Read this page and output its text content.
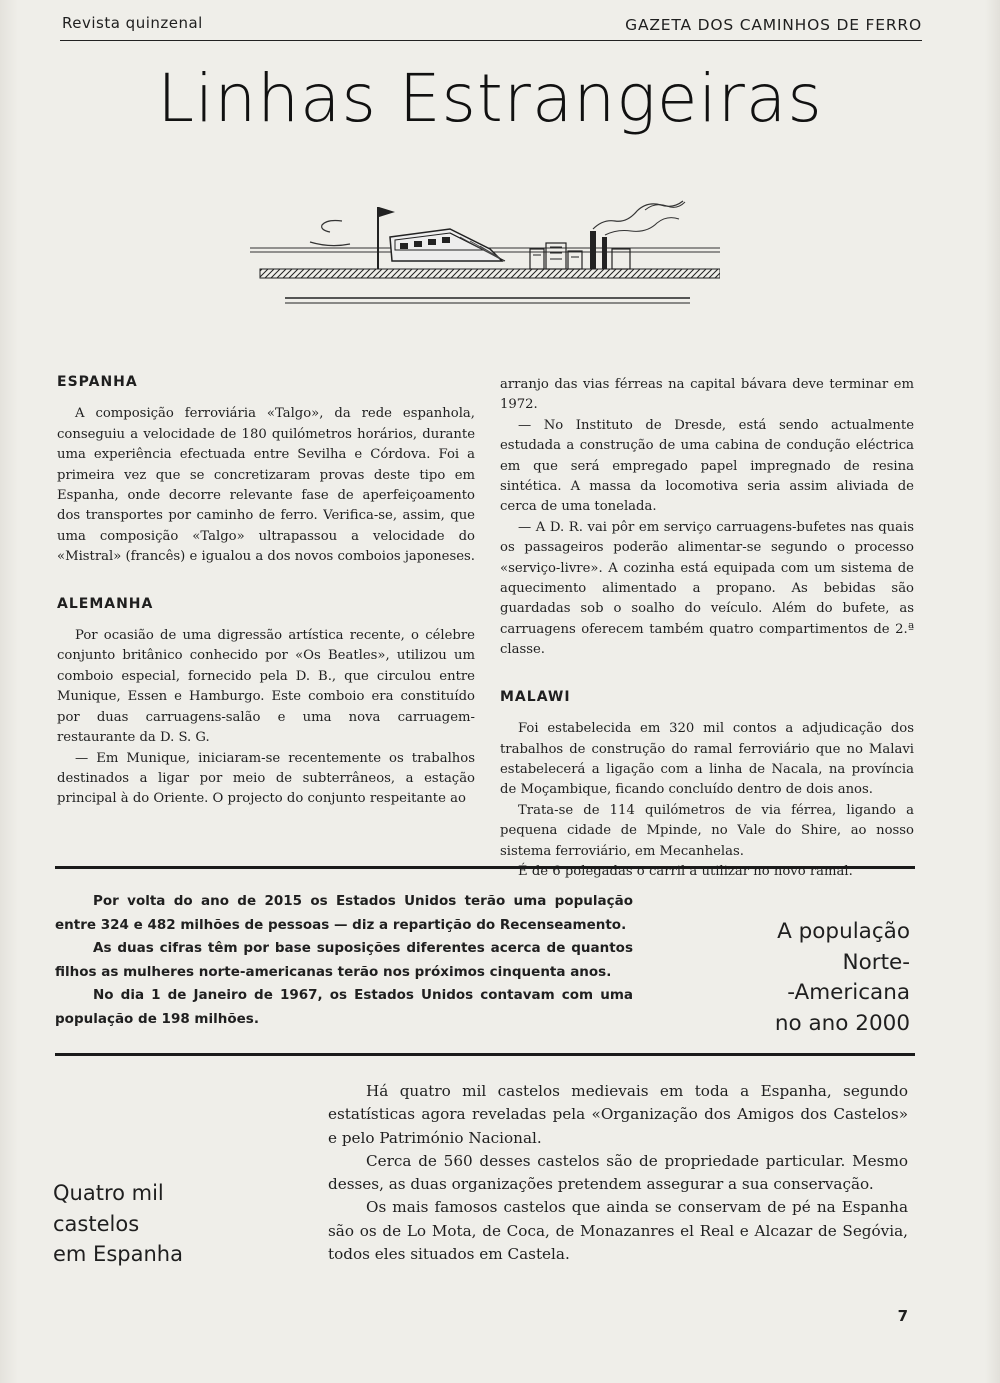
Revista quinzenal	GAZETA DOS CAMINHOS DE FERRO
Linhas Estrangeiras
ESPANHA

A composição ferroviária «Talgo», da rede espanhola, conseguiu a velocidade de 180 quilómetros horários, durante uma experiência efectuada entre Sevilha e Córdova. Foi a primeira vez que se concretizaram provas deste tipo em Espanha, onde decorre relevante fase de aperfeiçoamento dos transportes por caminho de ferro. Verifica-se, assim, que uma composição «Talgo» ultrapassou a velocidade do «Mistral» (francês) e igualou a dos novos comboios japoneses.

ALEMANHA

Por ocasião de uma digressão artística recente, o célebre conjunto britânico conhecido por «Os Beatles», utilizou um comboio especial, fornecido pela D. B., que circulou entre Munique, Essen e Hamburgo. Este comboio era constituído por duas carruagens-salão e uma nova carruagem-restaurante da D. S. G.

— Em Munique, iniciaram-se recentemente os trabalhos destinados a ligar por meio de subterrâneos, a estação principal à do Oriente. O projecto do conjunto respeitante ao

arranjo das vias férreas na capital bávara deve terminar em 1972.

— No Instituto de Dresde, está sendo actualmente estudada a construção de uma cabina de condução eléctrica em que será empregado papel impregnado de resina sintética. A massa da locomotiva seria assim aliviada de cerca de uma tonelada.

— A D. R. vai pôr em serviço carruagens-bufetes nas quais os passageiros poderão alimentar-se segundo o processo «serviço-livre». A cozinha está equipada com um sistema de aquecimento alimentado a propano. As bebidas são guardadas sob o soalho do veículo. Além do bufete, as carruagens oferecem também quatro compartimentos de 2.ª classe.

MALAWI

Foi estabelecida em 320 mil contos a adjudicação dos trabalhos de construção do ramal ferroviário que no Malavi estabelecerá a ligação com a linha de Nacala, na província de Moçambique, ficando concluído dentro de dois anos.

Trata-se de 114 quilómetros de via férrea, ligando a pequena cidade de Mpinde, no Vale do Shire, ao nosso sistema ferroviário, em Mecanhelas.

É de 6 polegadas o carril a utilizar no novo ramal.

Por volta do ano de 2015 os Estados Unidos terão uma população entre 324 e 482 milhões de pessoas — diz a repartição do Recenseamento.

As duas cifras têm por base suposições diferentes acerca de quantos filhos as mulheres norte-americanas terão nos próximos cinquenta anos.

No dia 1 de Janeiro de 1967, os Estados Unidos contavam com uma população de 198 milhões.

A população
Norte-
-Americana
no ano 2000
Quatro mil
castelos
em Espanha

Há quatro mil castelos medievais em toda a Espanha, segundo estatísticas agora reveladas pela «Organização dos Amigos dos Castelos» e pelo Património Nacional.

Cerca de 560 desses castelos são de propriedade particular. Mesmo desses, as duas organizações pretendem assegurar a sua conservação.

Os mais famosos castelos que ainda se conservam de pé na Espanha são os de Lo Mota, de Coca, de Monazanres el Real e Alcazar de Segóvia, todos eles situados em Castela.

7
